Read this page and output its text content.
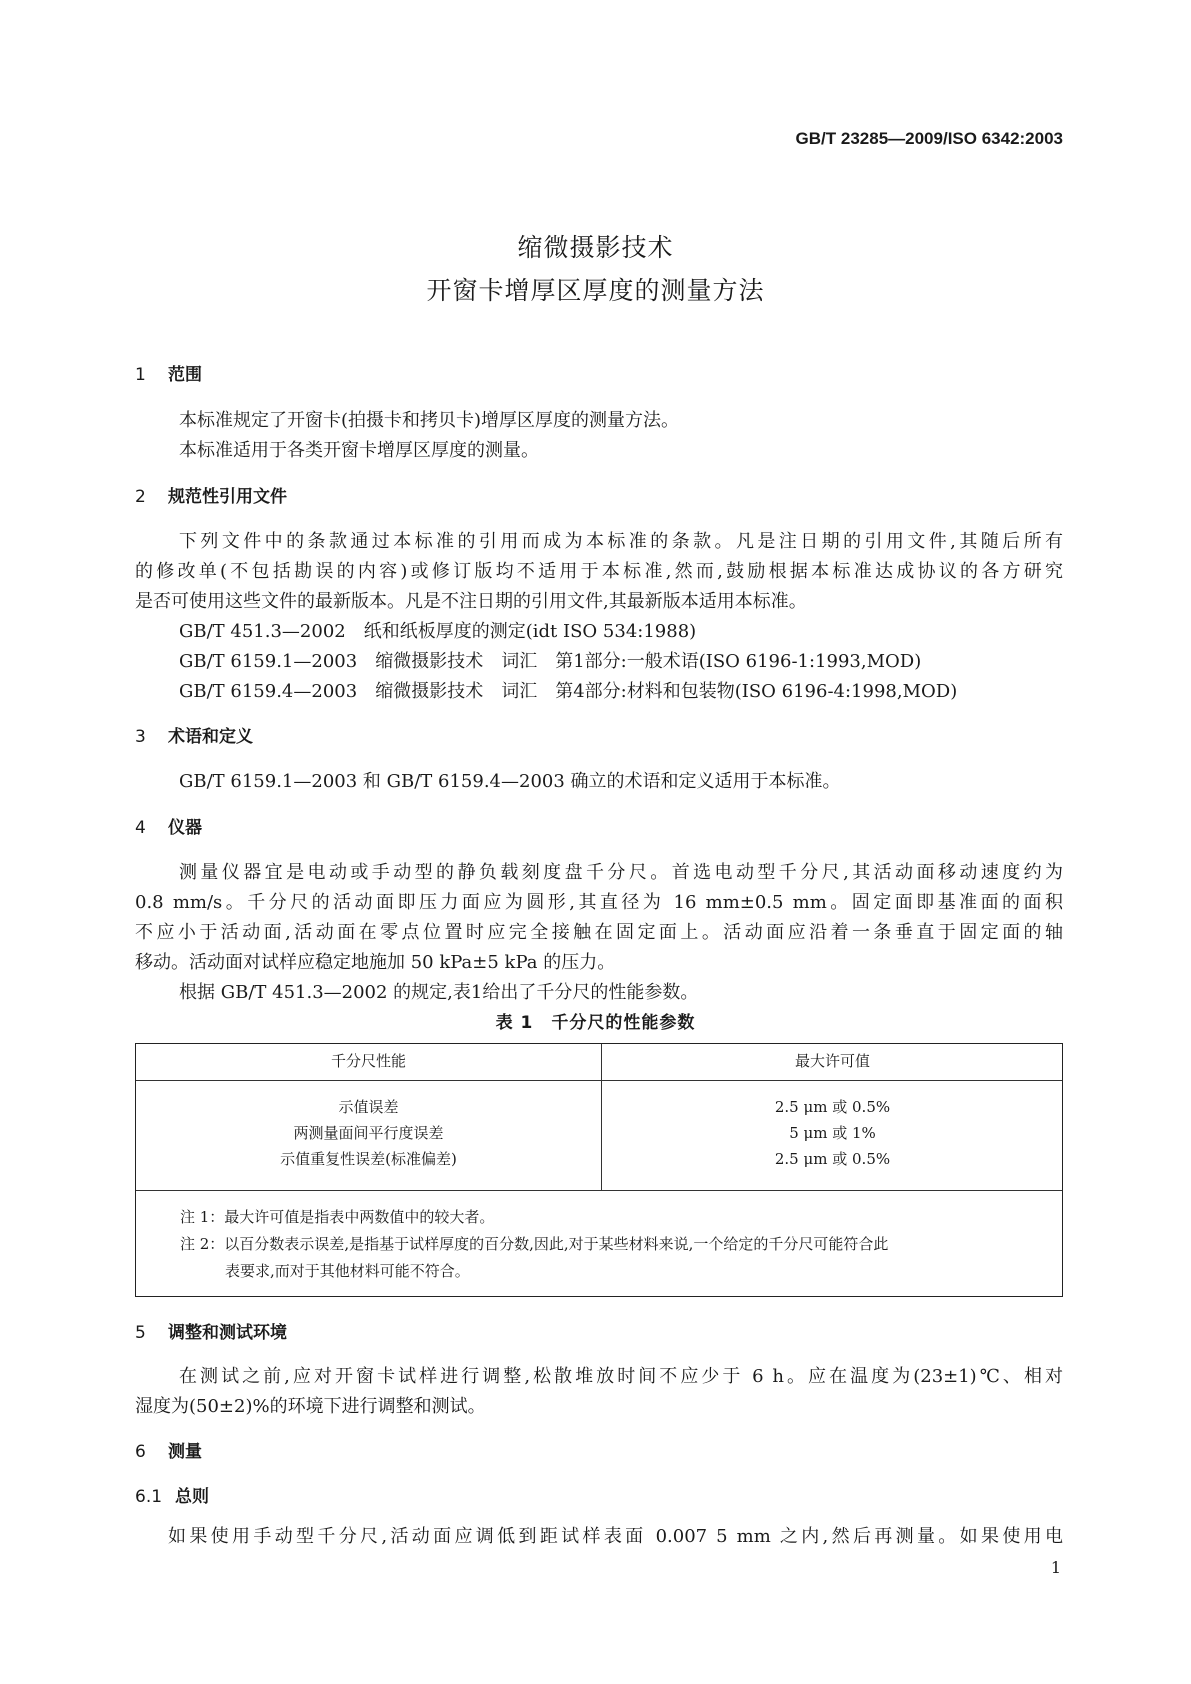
GB/T 23285—2009/ISO 6342:2003
缩微摄影技术
开窗卡增厚区厚度的测量方法
1 范围
本标准规定了开窗卡(拍摄卡和拷贝卡)增厚区厚度的测量方法。
本标准适用于各类开窗卡增厚区厚度的测量。
2 规范性引用文件
下列文件中的条款通过本标准的引用而成为本标准的条款。凡是注日期的引用文件,其随后所有
的修改单(不包括勘误的内容)或修订版均不适用于本标准,然而,鼓励根据本标准达成协议的各方研究
是否可使用这些文件的最新版本。凡是不注日期的引用文件,其最新版本适用本标准。
GB/T 451.3—2002　纸和纸板厚度的测定(idt ISO 534:1988)
GB/T 6159.1—2003　缩微摄影技术　词汇　第1部分:一般术语(ISO 6196-1:1993,MOD)
GB/T 6159.4—2003　缩微摄影技术　词汇　第4部分:材料和包装物(ISO 6196-4:1998,MOD)
3 术语和定义
GB/T 6159.1—2003 和 GB/T 6159.4—2003 确立的术语和定义适用于本标准。
4 仪器
测量仪器宜是电动或手动型的静负载刻度盘千分尺。首选电动型千分尺,其活动面移动速度约为
0.8 mm/s。千分尺的活动面即压力面应为圆形,其直径为 16 mm±0.5 mm。固定面即基准面的面积
不应小于活动面,活动面在零点位置时应完全接触在固定面上。活动面应沿着一条垂直于固定面的轴
移动。活动面对试样应稳定地施加 50 kPa±5 kPa 的压力。
根据 GB/T 451.3—2002 的规定,表1给出了千分尺的性能参数。
表 1　千分尺的性能参数
千分尺性能	最大许可值
示值误差	2.5 μm 或 0.5%
两测量面间平行度误差	5 μm 或 1%
示值重复性误差(标准偏差)	2.5 μm 或 0.5%
注 1：最大许可值是指表中两数值中的较大者。
注 2：以百分数表示误差,是指基于试样厚度的百分数,因此,对于某些材料来说,一个给定的千分尺可能符合此
表要求,而对于其他材料可能不符合。
5 调整和测试环境
在测试之前,应对开窗卡试样进行调整,松散堆放时间不应少于 6 h。应在温度为(23±1)℃、相对
湿度为(50±2)%的环境下进行调整和测试。
6 测量
6.1 总则
如果使用手动型千分尺,活动面应调低到距试样表面 0.007 5 mm 之内,然后再测量。如果使用电
1
